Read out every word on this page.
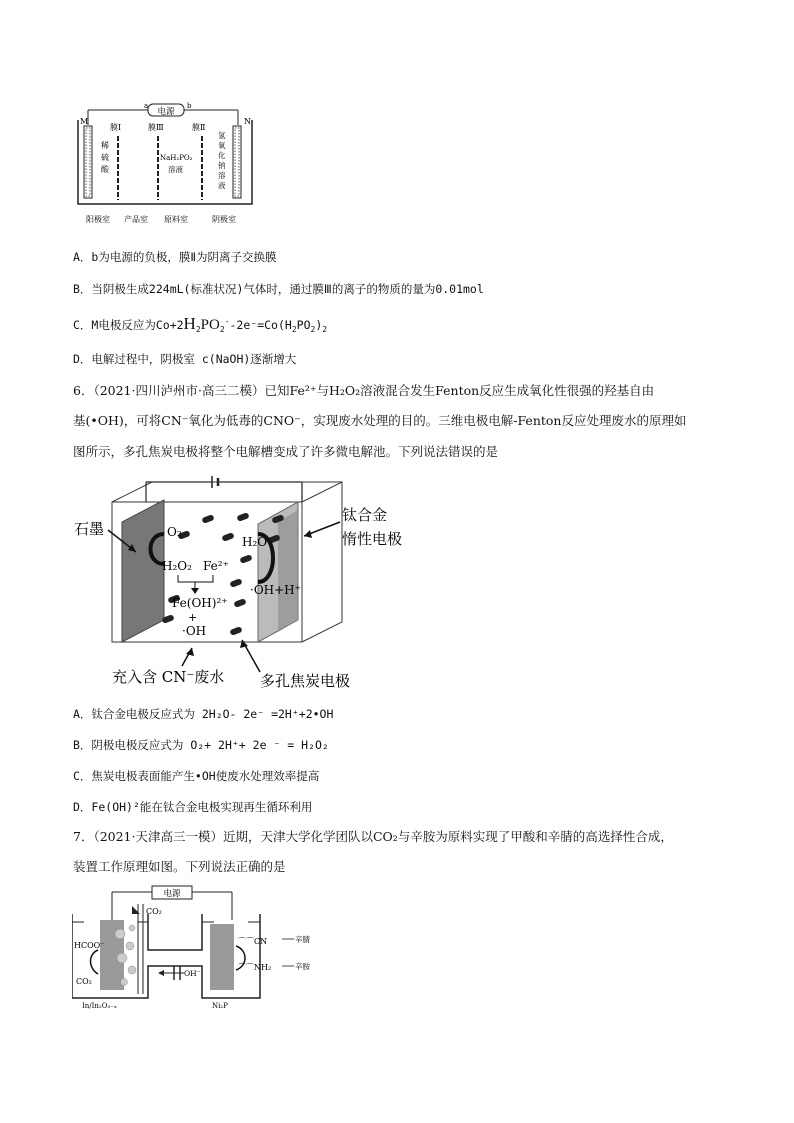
电源
a	b
M	N
膜Ⅰ	膜Ⅲ	膜Ⅱ
稀
硫
酸
NaH₂PO₂
溶液
氢
氧
化
钠
溶
液
阳极室 产品室 原料室	阴极室
A．b为电源的负极，膜Ⅱ为阴离子交换膜
B．当阴极生成224mL(标准状况)气体时，通过膜Ⅲ的离子的物质的量为0.01mol
C．M电极反应为$Co+2H_2PO_2^--2e^-=Co(H_2PO_2)_2$
D．电解过程中，阴极室 c(NaOH)逐渐增大
6．（2021·四川泸州市·高三二模）已知Fe²⁺与H₂O₂溶液混合发生Fenton反应生成氧化性很强的羟基自由
基(•OH)，可将CN⁻氧化为低毒的CNO⁻，实现废水处理的目的。三维电极电解-Fenton反应处理废水的原理如
图所示，多孔焦炭电极将整个电解槽变成了许多微电解池。下列说法错误的是
O₂
H₂O₂ Fe²⁺
Fe(OH)²⁺
+
·OH
H₂O
·OH+H⁺
石墨
钛合金
惰性电极
充入含 CN⁻废水 多孔焦炭电极
A．钛合金电极反应式为 2H₂O- 2e⁻ =2H⁺+2•OH
B．阴极电极反应式为 O₂+ 2H⁺+ 2e ⁻ = H₂O₂
C．焦炭电极表面能产生•OH使废水处理效率提高
D．Fe(OH)²能在钛合金电极实现再生循环利用
7．（2021·天津高三一模）近期，天津大学化学团队以CO₂与辛胺为原料实现了甲酸和辛腈的高选择性合成，
装置工作原理如图。下列说法正确的是
电源
CO₂
HCOO⁻
CO₂
In/In₂O₃₋ₓ
OH⁻
⌒⌒CN
⌒⌒NH₂
辛腈
辛胺
Ni₂P
